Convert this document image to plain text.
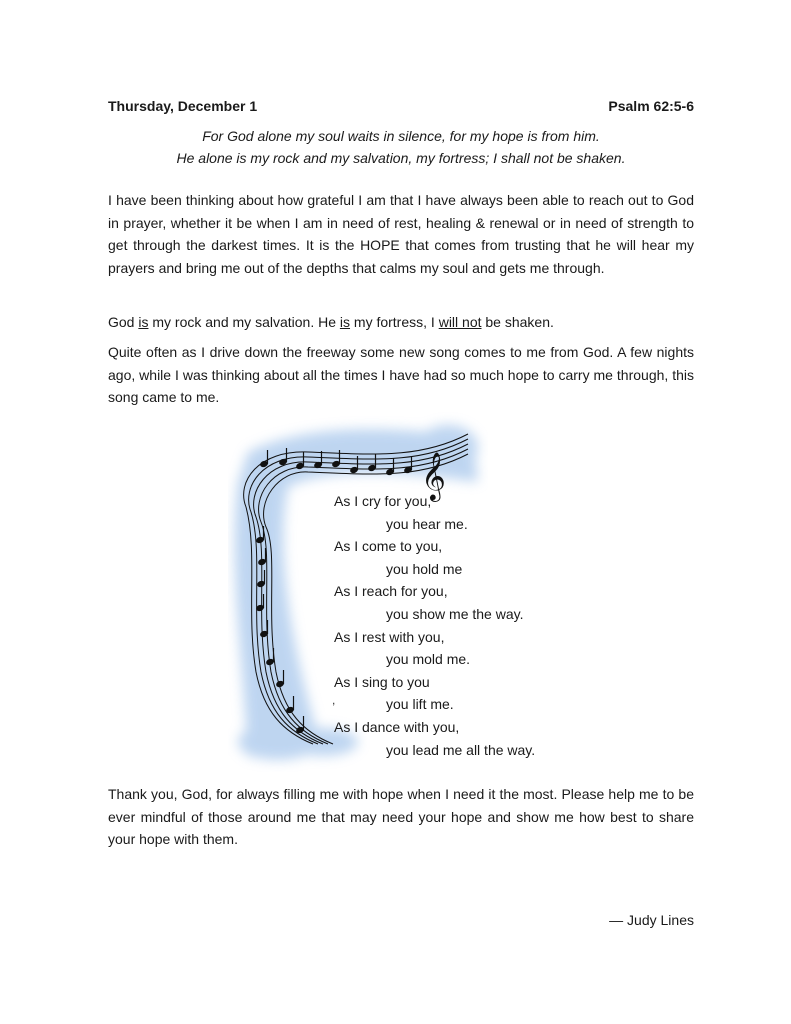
Thursday, December 1	Psalm 62:5-6
For God alone my soul waits in silence, for my hope is from him.
He alone is my rock and my salvation, my fortress; I shall not be shaken.

I have been thinking about how grateful I am that I have always been able to reach out to God in prayer, whether it be when I am in need of rest, healing & renewal or in need of strength to get through the darkest times. It is the HOPE that comes from trusting that he will hear my prayers and bring me out of the depths that calms my soul and gets me through.

God is my rock and my salvation. He is my fortress, I will not be shaken.

Quite often as I drive down the freeway some new song comes to me from God. A few nights ago, while I was thinking about all the times I have had so much hope to carry me through, this song came to me.

𝄞
As I cry for you,
you hear me.
As I come to you,
you hold me
As I reach for you,
you show me the way.
As I rest with you,
you mold me.
As I sing to you
you lift me.
As I dance with you,
you lead me all the way.
,

Thank you, God, for always filling me with hope when I need it the most. Please help me to be ever mindful of those around me that may need your hope and show me how best to share your hope with them.

— Judy Lines
